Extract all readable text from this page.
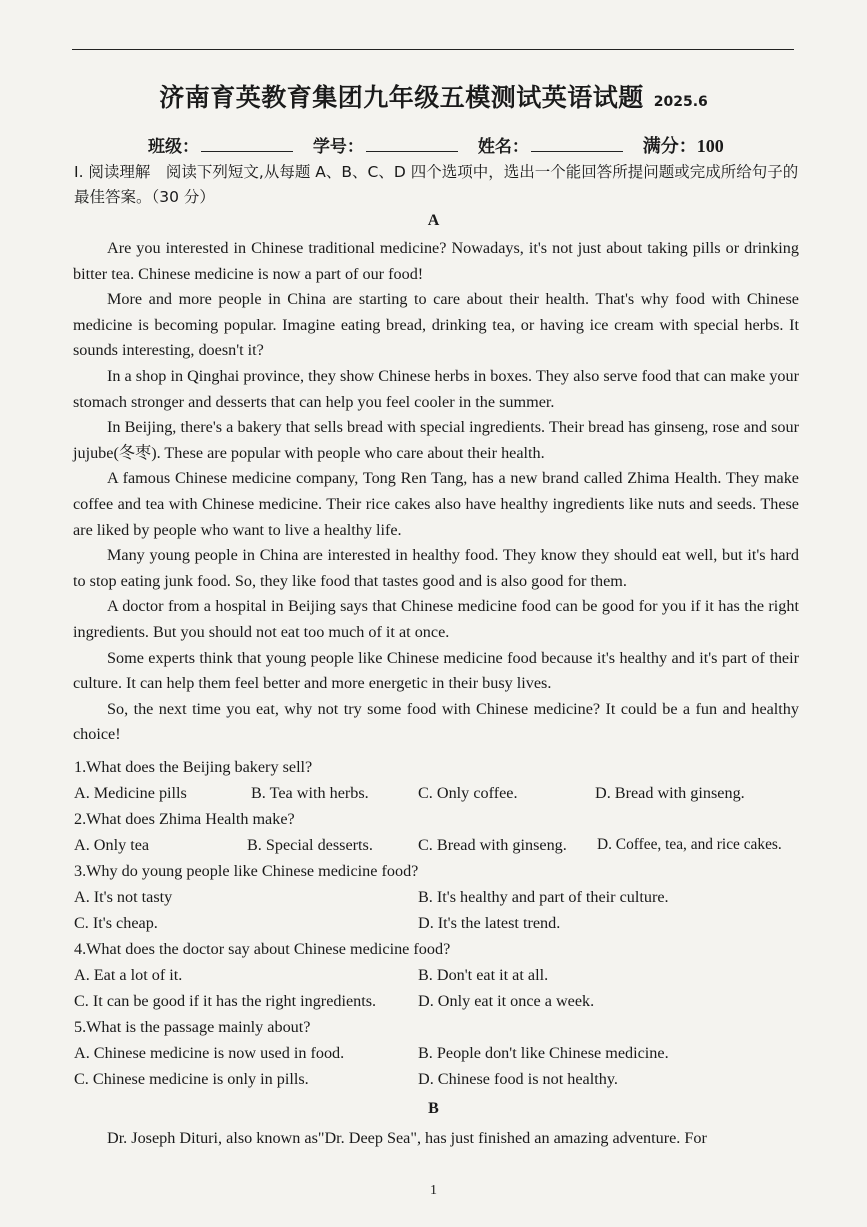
济南育英教育集团九年级五模测试英语试题 2025.6
班级：	学号：	姓名：	满分：100
I. 阅读理解　阅读下列短文,从每题 A、B、C、D 四个选项中，选出一个能回答所提问题或完成所给句子的最佳答案。（30 分）
A

Are you interested in Chinese traditional medicine? Nowadays, it's not just about taking pills or drinking bitter tea. Chinese medicine is now a part of our food!

More and more people in China are starting to care about their health. That's why food with Chinese medicine is becoming popular. Imagine eating bread, drinking tea, or having ice cream with special herbs. It sounds interesting, doesn't it?

In a shop in Qinghai province, they show Chinese herbs in boxes. They also serve food that can make your stomach stronger and desserts that can help you feel cooler in the summer.

In Beijing, there's a bakery that sells bread with special ingredients. Their bread has ginseng, rose and sour jujube(冬枣). These are popular with people who care about their health.

A famous Chinese medicine company, Tong Ren Tang, has a new brand called Zhima Health. They make coffee and tea with Chinese medicine. Their rice cakes also have healthy ingredients like nuts and seeds. These are liked by people who want to live a healthy life.

Many young people in China are interested in healthy food. They know they should eat well, but it's hard to stop eating junk food. So, they like food that tastes good and is also good for them.

A doctor from a hospital in Beijing says that Chinese medicine food can be good for you if it has the right ingredients. But you should not eat too much of it at once.

Some experts think that young people like Chinese medicine food because it's healthy and it's part of their culture. It can help them feel better and more energetic in their busy lives.

So, the next time you eat, why not try some food with Chinese medicine? It could be a fun and healthy choice!

1.What does the Beijing bakery sell?
A. Medicine pills	B. Tea with herbs.	C. Only coffee.	D. Bread with ginseng.
2.What does Zhima Health make?
A. Only tea	B. Special desserts.	C. Bread with ginseng. D. Coffee, tea, and rice cakes.
3.Why do young people like Chinese medicine food?
A. It's not tasty	B. It's healthy and part of their culture.
C. It's cheap.	D. It's the latest trend.
4.What does the doctor say about Chinese medicine food?
A. Eat a lot of it.	B. Don't eat it at all.
C. It can be good if it has the right ingredients.	D. Only eat it once a week.
5.What is the passage mainly about?
A. Chinese medicine is now used in food.	B. People don't like Chinese medicine.
C. Chinese medicine is only in pills.	D. Chinese food is not healthy.
B

Dr. Joseph Dituri, also known as"Dr. Deep Sea", has just finished an amazing adventure. For

1
